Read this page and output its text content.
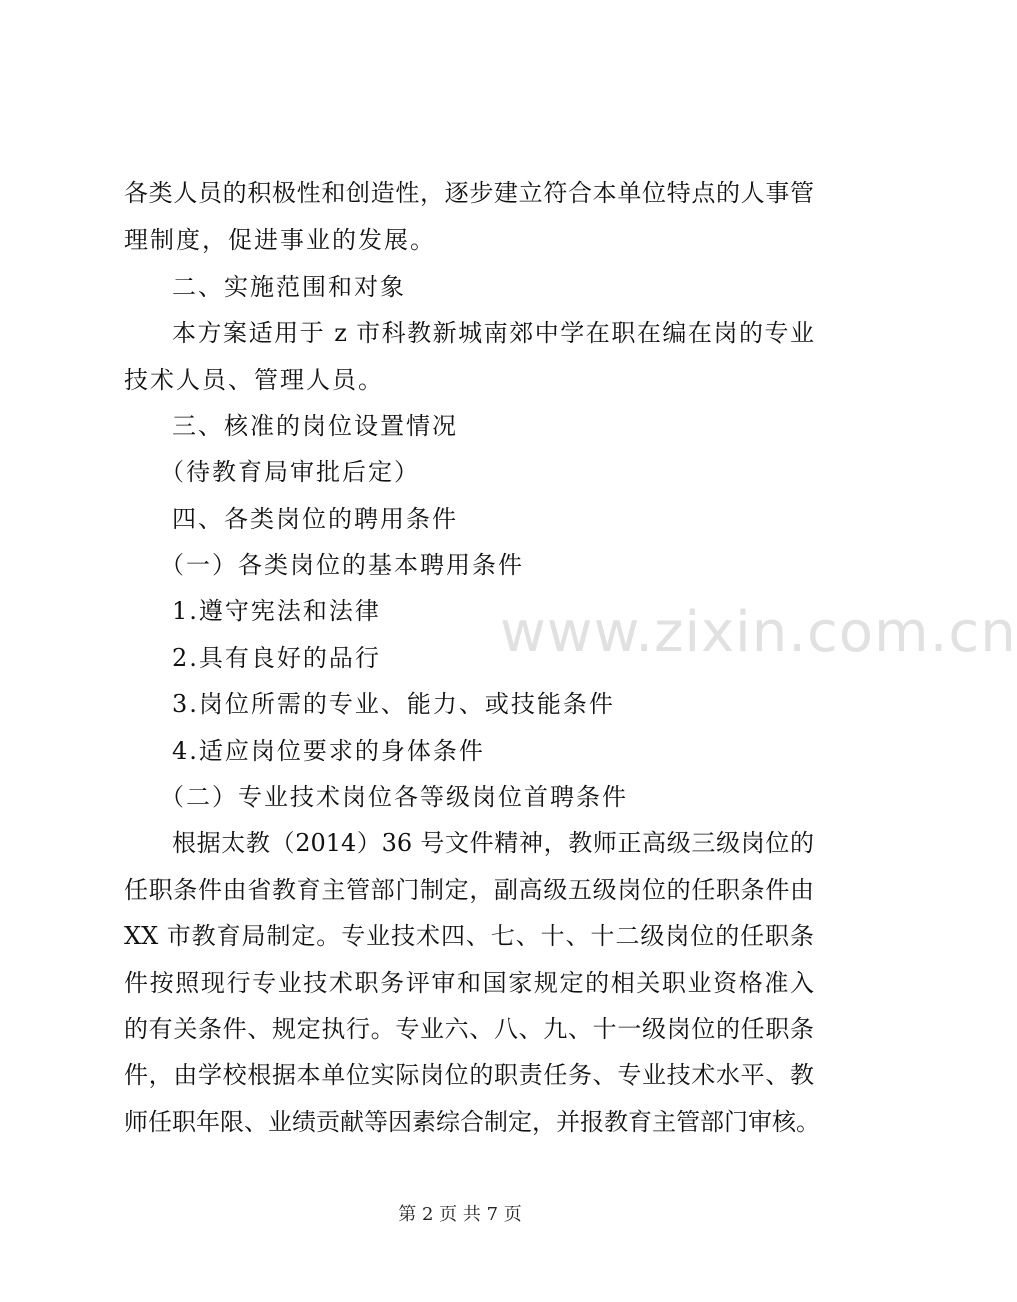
各类人员的积极性和创造性，逐步建立符合本单位特点的人事管
理制度，促进事业的发展。
二、实施范围和对象
本方案适用于 z 市科教新城南郊中学在职在编在岗的专业
技术人员、管理人员。
三、核准的岗位设置情况
（待教育局审批后定）
四、各类岗位的聘用条件
（一）各类岗位的基本聘用条件
1.遵守宪法和法律
2.具有良好的品行
3.岗位所需的专业、能力、或技能条件
4.适应岗位要求的身体条件
（二）专业技术岗位各等级岗位首聘条件
根据太教（2014）36 号文件精神，教师正高级三级岗位的
任职条件由省教育主管部门制定，副高级五级岗位的任职条件由
XX 市教育局制定。专业技术四、七、十、十二级岗位的任职条
件按照现行专业技术职务评审和国家规定的相关职业资格准入
的有关条件、规定执行。专业六、八、九、十一级岗位的任职条
件，由学校根据本单位实际岗位的职责任务、专业技术水平、教
师任职年限、业绩贡献等因素综合制定，并报教育主管部门审核。
www.zixin.com.cn
第 2 页 共 7 页
